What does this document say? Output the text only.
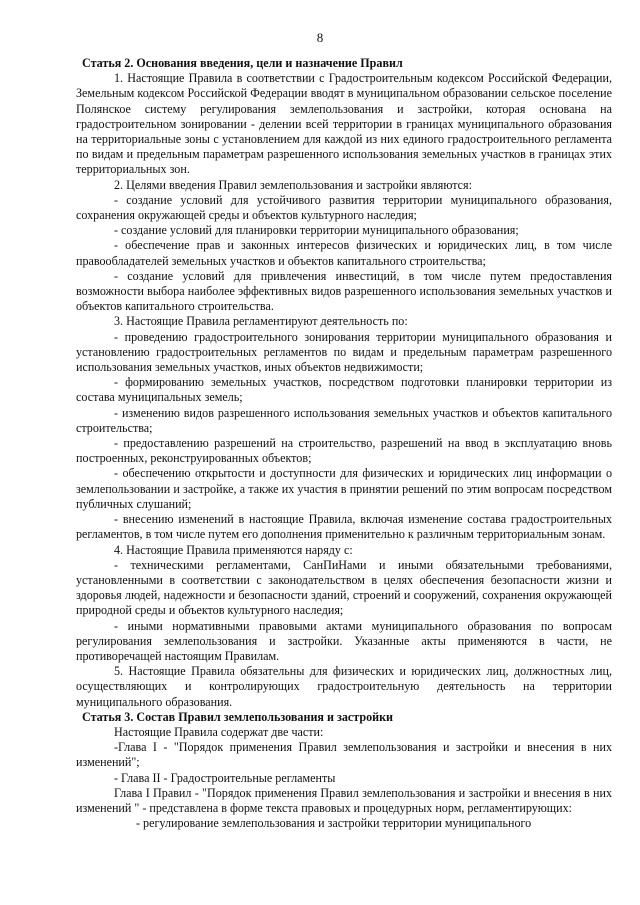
8

Статья 2. Основания введения, цели и назначение Правил

1. Настоящие Правила в соответствии с Градостроительным кодексом Российской Федерации, Земельным кодексом Российской Федерации вводят в муниципальном образовании сельское поселение Полянское систему регулирования землепользования и застройки, которая основана на градостроительном зонировании - делении всей территории в границах муниципального образования на территориальные зоны с установлением для каждой из них единого градостроительного регламента по видам и предельным параметрам разрешенного использования земельных участков в границах этих территориальных зон.

2. Целями введения Правил землепользования и застройки являются:

- создание условий для устойчивого развития территории муниципального образования, сохранения окружающей среды и объектов культурного наследия;

- создание условий для планировки территории муниципального образования;

- обеспечение прав и законных интересов физических и юридических лиц, в том числе правообладателей земельных участков и объектов капитального строительства;

- создание условий для привлечения инвестиций, в том числе путем предоставления возможности выбора наиболее эффективных видов разрешенного использования земельных участков и объектов капитального строительства.

3. Настоящие Правила регламентируют деятельность по:

- проведению градостроительного зонирования территории муниципального образования и установлению градостроительных регламентов по видам и предельным параметрам разрешенного использования земельных участков, иных объектов недвижимости;

- формированию земельных участков, посредством подготовки планировки территории из состава муниципальных земель;

- изменению видов разрешенного использования земельных участков и объектов капитального строительства;

- предоставлению разрешений на строительство, разрешений на ввод в эксплуатацию вновь построенных, реконструированных объектов;

- обеспечению открытости и доступности для физических и юридических лиц информации о землепользовании и застройке, а также их участия в принятии решений по этим вопросам посредством публичных слушаний;

- внесению изменений в настоящие Правила, включая изменение состава градостроительных регламентов, в том числе путем его дополнения применительно к различным территориальным зонам.

4. Настоящие Правила применяются наряду с:

- техническими регламентами, СанПиНами и иными обязательными требованиями, установленными в соответствии с законодательством в целях обеспечения безопасности жизни и здоровья людей, надежности и безопасности зданий, строений и сооружений, сохранения окружающей природной среды и объектов культурного наследия;

- иными нормативными правовыми актами муниципального образования по вопросам регулирования землепользования и застройки. Указанные акты применяются в части, не противоречащей настоящим Правилам.

5. Настоящие Правила обязательны для физических и юридических лиц, должностных лиц, осуществляющих и контролирующих градостроительную деятельность на территории муниципального образования.

Статья 3. Состав Правил землепользования и застройки

Настоящие Правила содержат две части:

-Глава I - "Порядок применения Правил землепользования и застройки и внесения в них изменений";

- Глава II - Градостроительные регламенты

Глава I Правил - "Порядок применения Правил землепользования и застройки и внесения в них изменений " - представлена в форме текста правовых и процедурных норм, регламентирующих:

- регулирование землепользования и застройки территории муниципального
